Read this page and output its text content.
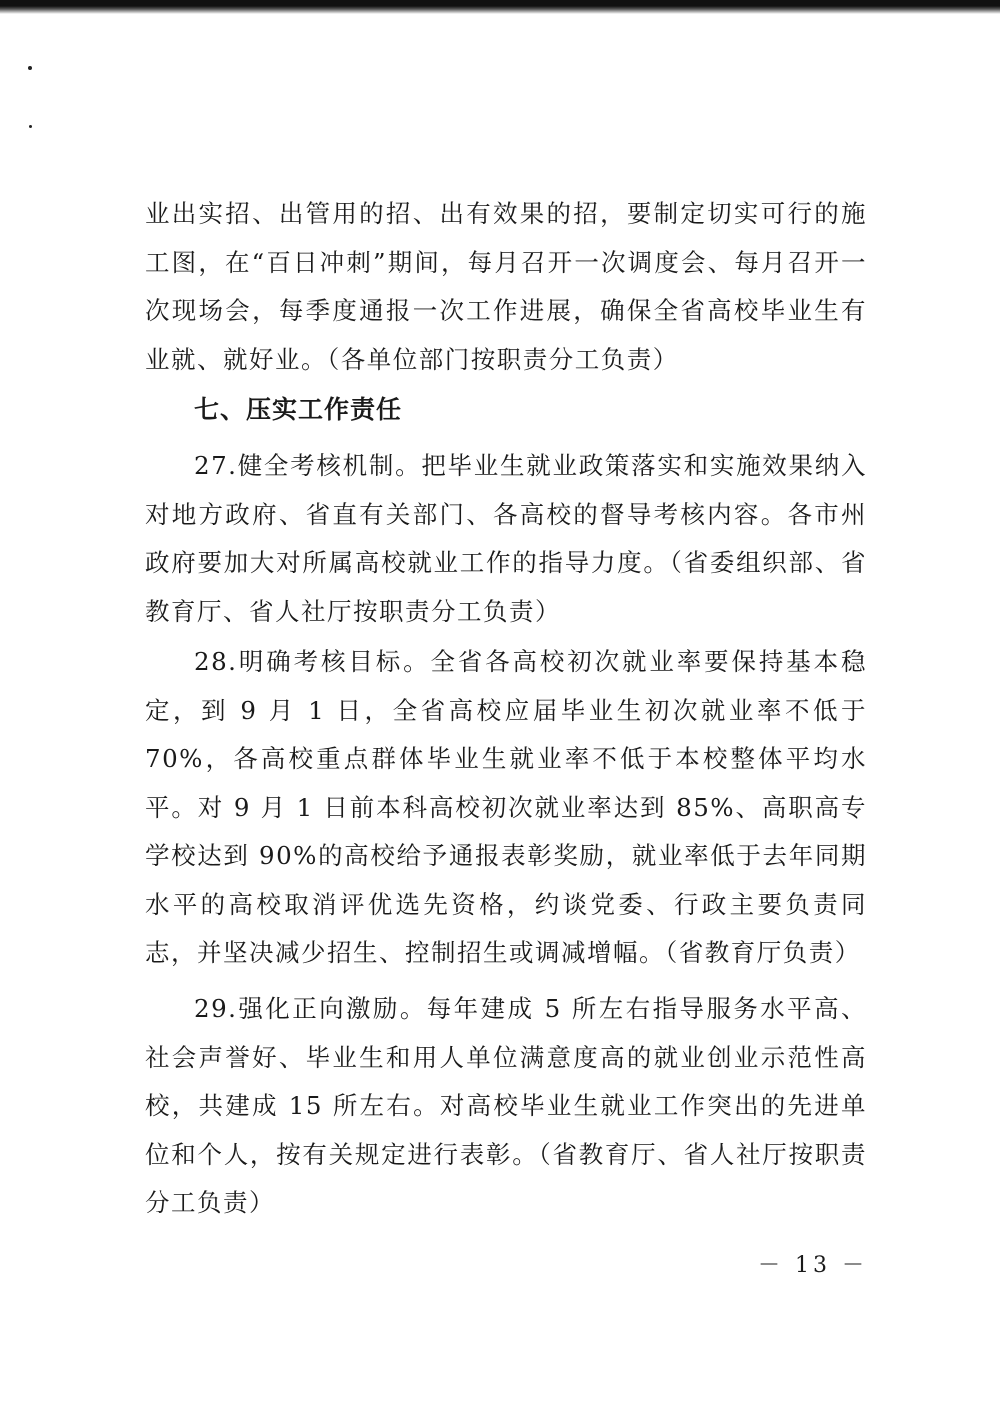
业出实招、出管用的招、出有效果的招，要制定切实可行的施工图，在“百日冲刺”期间，每月召开一次调度会、每月召开一次现场会，每季度通报一次工作进展，确保全省高校毕业生有业就、就好业。（各单位部门按职责分工负责）

七、压实工作责任

27.健全考核机制。把毕业生就业政策落实和实施效果纳入对地方政府、省直有关部门、各高校的督导考核内容。各市州政府要加大对所属高校就业工作的指导力度。（省委组织部、省教育厅、省人社厅按职责分工负责）

28.明确考核目标。全省各高校初次就业率要保持基本稳定，到 9 月 1 日，全省高校应届毕业生初次就业率不低于 70%，各高校重点群体毕业生就业率不低于本校整体平均水平。对 9 月 1 日前本科高校初次就业率达到 85%、高职高专学校达到 90%的高校给予通报表彰奖励，就业率低于去年同期水平的高校取消评优选先资格，约谈党委、行政主要负责同志，并坚决减少招生、控制招生或调减增幅。（省教育厅负责）

29.强化正向激励。每年建成 5 所左右指导服务水平高、社会声誉好、毕业生和用人单位满意度高的就业创业示范性高校，共建成 15 所左右。对高校毕业生就业工作突出的先进单位和个人，按有关规定进行表彰。（省教育厅、省人社厅按职责分工负责）

－ 13 －
